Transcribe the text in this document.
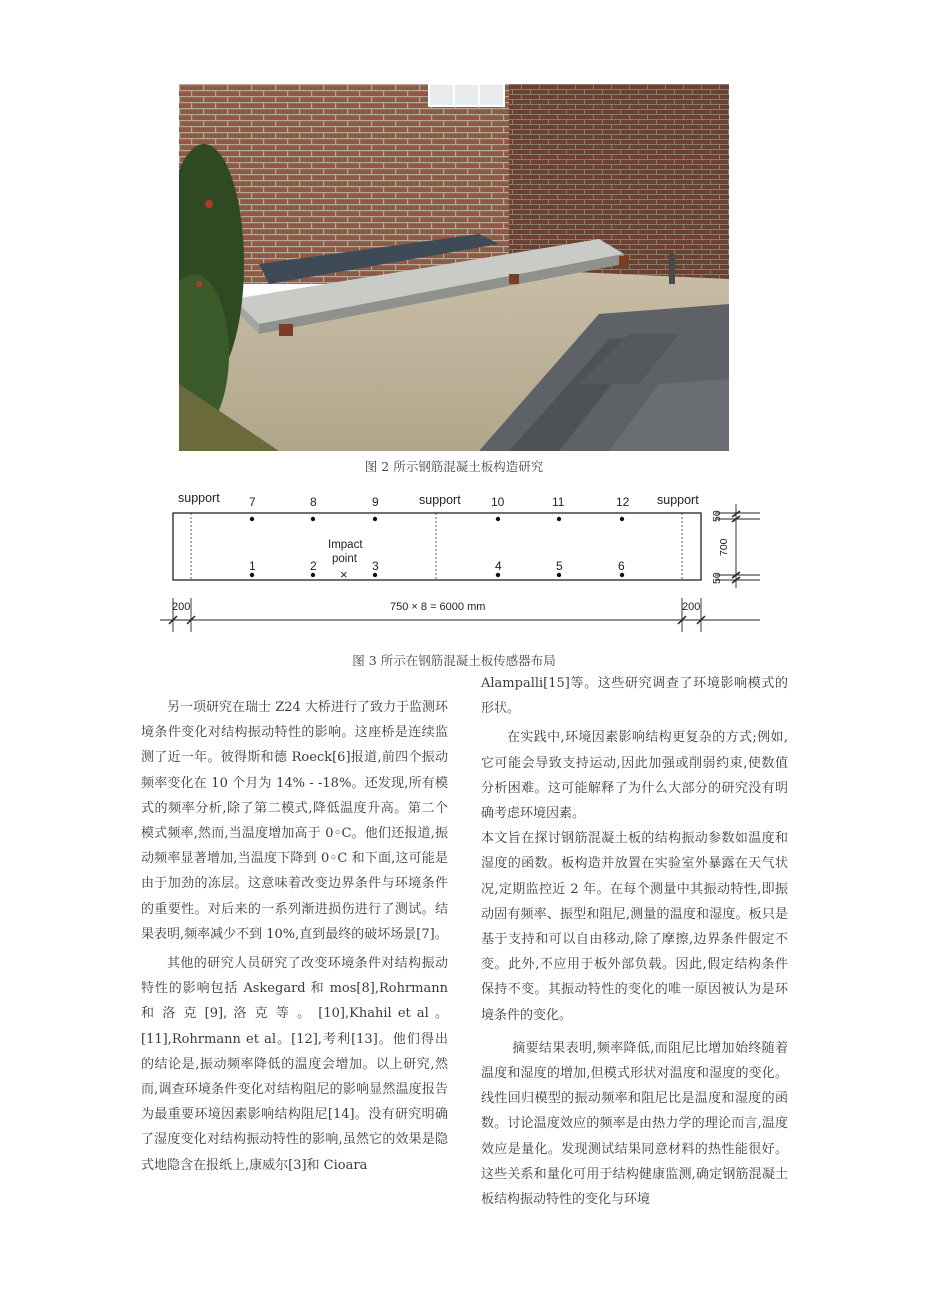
图 2 所示钢筋混凝土板构造研究
support	support	support
7	8	9	10	11	12
1	2	3	4	5	6
Impact
point
×
200	750 × 8 = 6000 mm	200
50
700
50
图 3 所示在钢筋混凝土板传感器布局

另一项研究在瑞士 Z24 大桥进行了致力于监测环境条件变化对结构振动特性的影响。这座桥是连续监测了近一年。彼得斯和德 Roeck[6]报道,前四个振动频率变化在 10 个月为 14% - -18%。还发现,所有模式的频率分析,除了第二模式,降低温度升高。第二个模式频率,然而,当温度增加高于 0◦C。他们还报道,振动频率显著增加,当温度下降到 0◦C 和下面,这可能是由于加劲的冻层。这意味着改变边界条件与环境条件的重要性。对后来的一系列渐进损伤进行了测试。结果表明,频率减少不到 10%,直到最终的破坏场景[7]。

其他的研究人员研究了改变环境条件对结构振动特性的影响包括 Askegard 和 mos[8],Rohrmann 和 洛 克 [9], 洛 克 等 。 [10],Khahil et al 。[11],Rohrmann et al。[12],考利[13]。他们得出的结论是,振动频率降低的温度会增加。以上研究,然而,调查环境条件变化对结构阻尼的影响显然温度报告为最重要环境因素影响结构阻尼[14]。没有研究明确了湿度变化对结构振动特性的影响,虽然它的效果是隐式地隐含在报纸上,康威尔[3]和 Cioara

Alampalli[15]等。这些研究调查了环境影响模式的形状。

在实践中,环境因素影响结构更复杂的方式;例如,它可能会导致支持运动,因此加强或削弱约束,使数值分析困难。这可能解释了为什么大部分的研究没有明确考虑环境因素。

本文旨在探讨钢筋混凝土板的结构振动参数如温度和湿度的函数。板构造并放置在实验室外暴露在天气状况,定期监控近 2 年。在每个测量中其振动特性,即振动固有频率、振型和阻尼,测量的温度和湿度。板只是基于支持和可以自由移动,除了摩擦,边界条件假定不变。此外,不应用于板外部负载。因此,假定结构条件保持不变。其振动特性的变化的唯一原因被认为是环境条件的变化。

摘要结果表明,频率降低,而阻尼比增加始终随着温度和湿度的增加,但模式形状对温度和湿度的变化。线性回归模型的振动频率和阻尼比是温度和湿度的函数。讨论温度效应的频率是由热力学的理论而言,温度效应是量化。发现测试结果同意材料的热性能很好。这些关系和量化可用于结构健康监测,确定钢筋混凝土板结构振动特性的变化与环境
